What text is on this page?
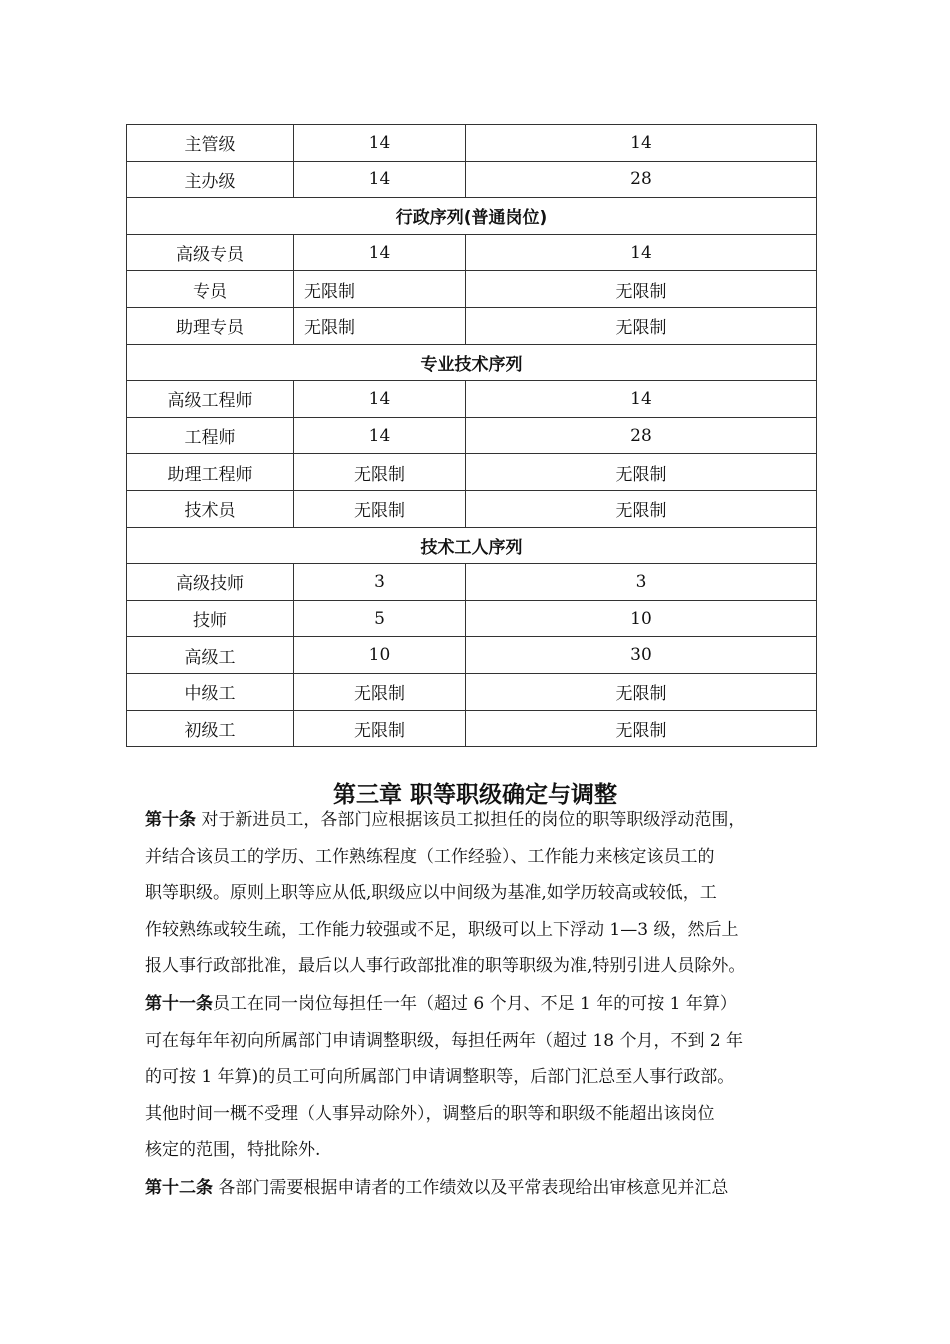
主管级	14	14
主办级	14	28
行政序列(普通岗位)		
高级专员	14	14
专员	无限制	无限制
助理专员	无限制	无限制
专业技术序列		
高级工程师	14	14
工程师	14	28
助理工程师	无限制	无限制
技术员	无限制	无限制
技术工人序列		
高级技师	3	3
技师	5	10
高级工	10	30
中级工	无限制	无限制
初级工	无限制	无限制
第三章 职等职级确定与调整

第十条 对于新进员工，各部门应根据该员工拟担任的岗位的职等职级浮动范围，
并结合该员工的学历、工作熟练程度（工作经验）、工作能力来核定该员工的
职等职级。原则上职等应从低,职级应以中间级为基准,如学历较高或较低，工
作较熟练或较生疏，工作能力较强或不足，职级可以上下浮动 1—3 级，然后上
报人事行政部批准，最后以人事行政部批准的职等职级为准,特别引进人员除外。

第十一条员工在同一岗位每担任一年（超过 6 个月、不足 1 年的可按 1 年算）
可在每年年初向所属部门申请调整职级，每担任两年（超过 18 个月，不到 2 年
的可按 1 年算)的员工可向所属部门申请调整职等，后部门汇总至人事行政部。
其他时间一概不受理（人事异动除外），调整后的职等和职级不能超出该岗位
核定的范围，特批除外.

第十二条 各部门需要根据申请者的工作绩效以及平常表现给出审核意见并汇总
